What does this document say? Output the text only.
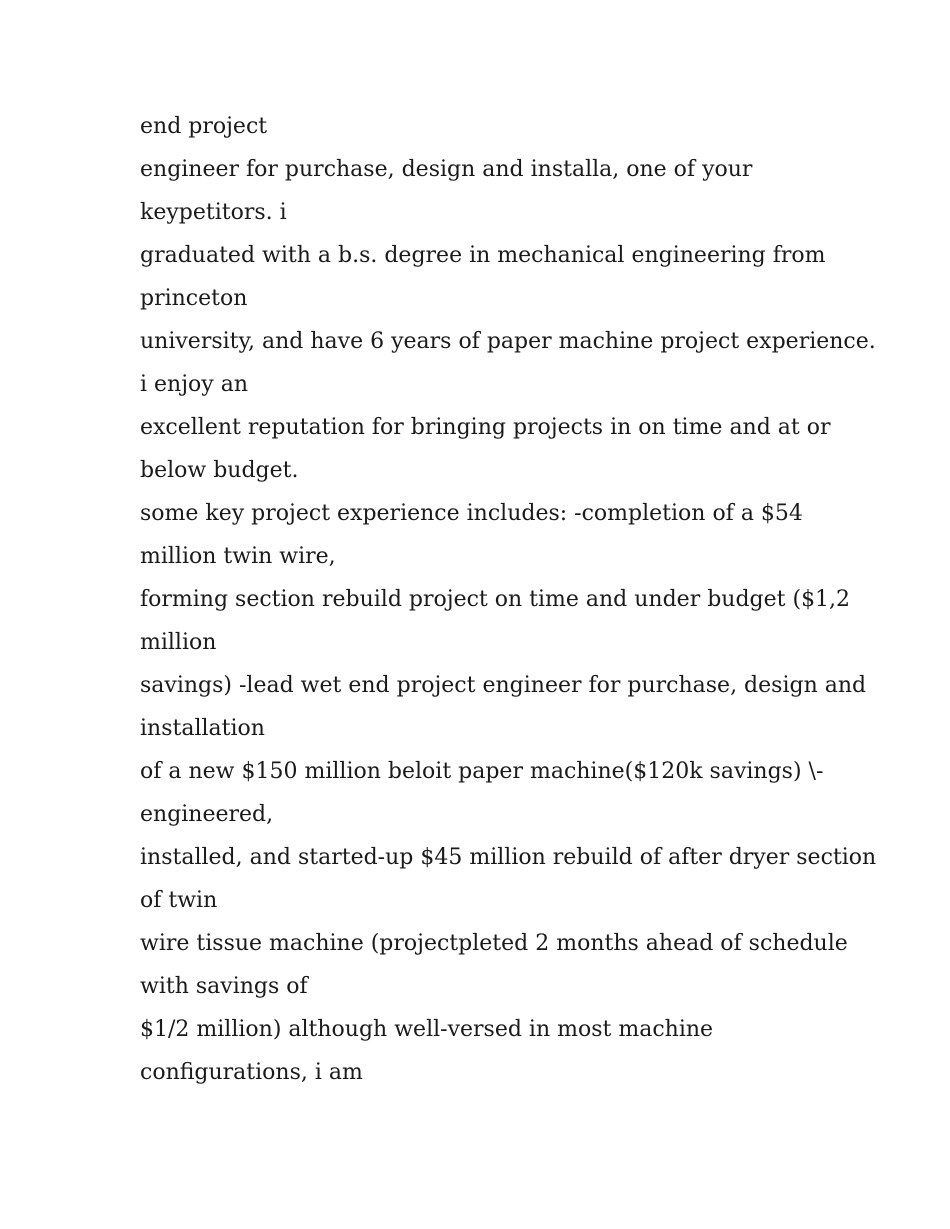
end project

engineer for purchase, design and installa, one of your

keypetitors. i

graduated with a b.s. degree in mechanical engineering from

princeton

university, and have 6 years of paper machine project experience.

i enjoy an

excellent reputation for bringing projects in on time and at or

below budget.

some key project experience includes: -completion of a $54

million twin wire,

forming section rebuild project on time and under budget ($1,2

million

savings) -lead wet end project engineer for purchase, design and

installation

of a new $150 million beloit paper machine($120k savings) \-

engineered,

installed, and started-up $45 million rebuild of after dryer section

of twin

wire tissue machine (projectpleted 2 months ahead of schedule

with savings of

$1/2 million) although well-versed in most machine

configurations, i am
